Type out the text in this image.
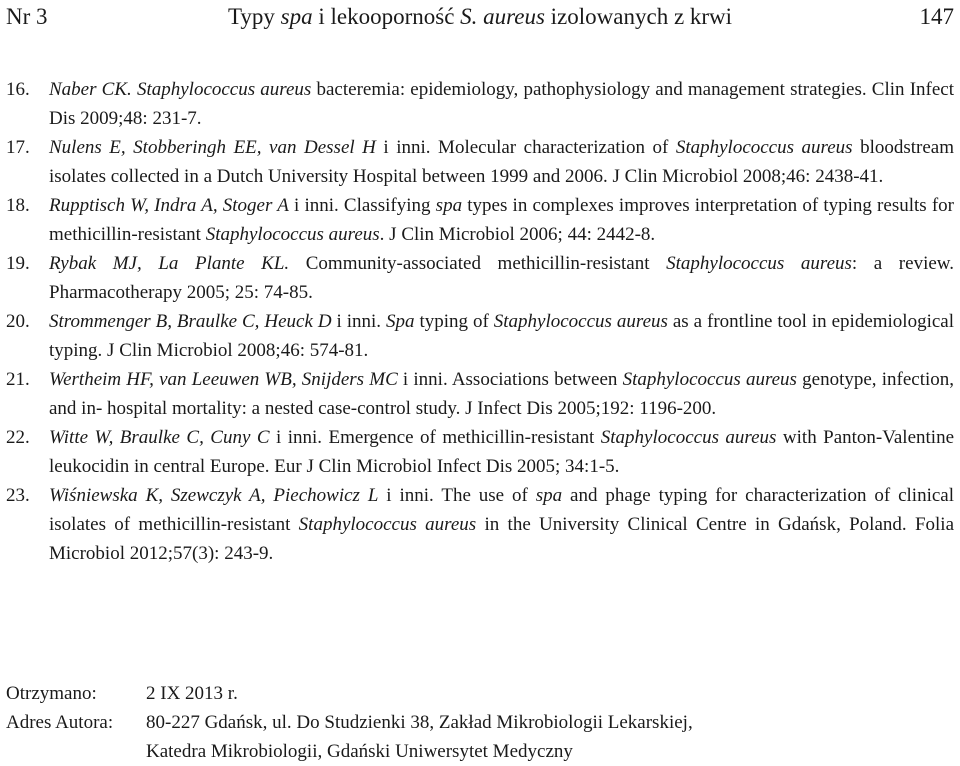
Nr 3	Typy spa i lekooporność S. aureus izolowanych z krwi	147

16. Naber CK. Staphylococcus aureus bacteremia: epidemiology, pathophysiology and management strategies. Clin Infect Dis 2009;48: 231-7.

17. Nulens E, Stobberingh EE, van Dessel H i inni. Molecular characterization of Staphylococcus aureus bloodstream isolates collected in a Dutch University Hospital between 1999 and 2006. J Clin Microbiol 2008;46: 2438-41.

18. Rupptisch W, Indra A, Stoger A i inni. Classifying spa types in complexes improves interpretation of typing results for methicillin-resistant Staphylococcus aureus. J Clin Microbiol 2006; 44: 2442-8.

19. Rybak MJ, La Plante KL. Community-associated methicillin-resistant Staphylococcus aureus: a review. Pharmacotherapy 2005; 25: 74-85.

20. Strommenger B, Braulke C, Heuck D i inni. Spa typing of Staphylococcus aureus as a frontline tool in epidemiological typing. J Clin Microbiol 2008;46: 574-81.

21. Wertheim HF, van Leeuwen WB, Snijders MC i inni. Associations between Staphylococcus aureus genotype, infection, and in- hospital mortality: a nested case-control study. J Infect Dis 2005;192: 1196-200.

22. Witte W, Braulke C, Cuny C i inni. Emergence of methicillin-resistant Staphylococcus aureus with Panton-Valentine leukocidin in central Europe. Eur J Clin Microbiol Infect Dis 2005; 34:1-5.

23. Wiśniewska K, Szewczyk A, Piechowicz L i inni. The use of spa and phage typing for characterization of clinical isolates of methicillin-resistant Staphylococcus aureus in the University Clinical Centre in Gdańsk, Poland. Folia Microbiol 2012;57(3): 243-9.

Otrzymano:	2 IX 2013 r.
Adres Autora: 80-227 Gdańsk, ul. Do Studzienki 38, Zakład Mikrobiologii Lekarskiej,
Katedra Mikrobiologii, Gdański Uniwersytet Medyczny
